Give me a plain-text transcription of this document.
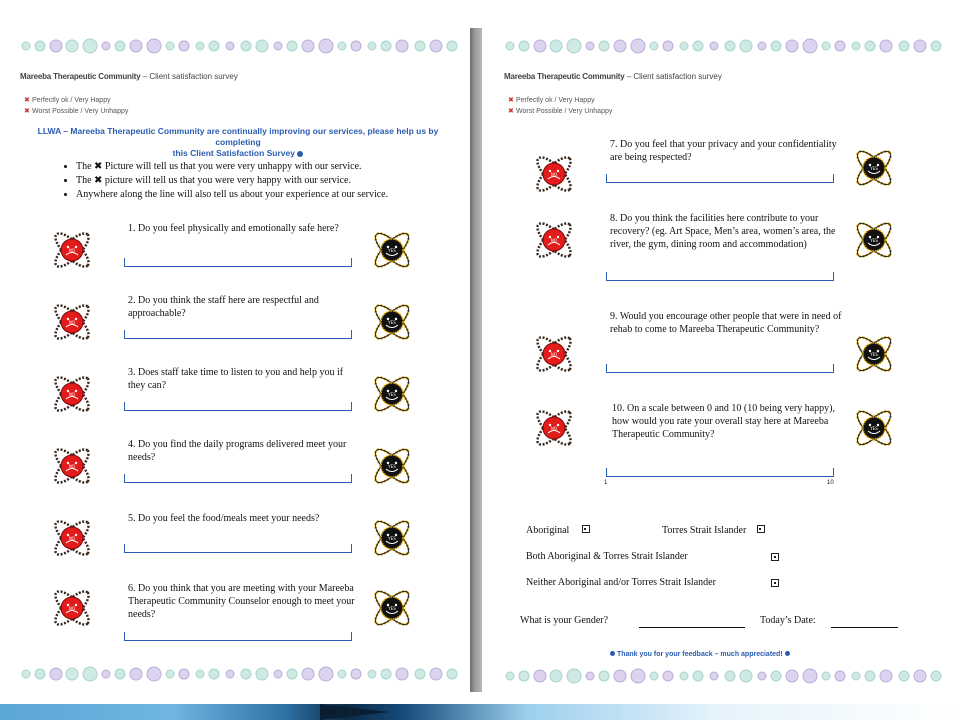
Mareeba Therapeutic Community – Client satisfaction survey
✖ Perfectly ok / Very Happy
✖ Worst Possible / Very Unhappy
LLWA – Mareeba Therapeutic Community are continually improving our services, please help us by completing
this Client Satisfaction Survey
• The ✖ Picture will tell us that you were very unhappy with our service.
• The ✖ picture will tell us that you were very happy with our service.
• Anywhere along the line will also tell us about your experience at our service.
1. Do you feel physically and emotionally safe here?
2. Do you think the staff here are respectful and approachable?
3. Does staff take time to listen to you and help you if they can?
4. Do you find the daily programs delivered meet your needs?
5. Do you feel the food/meals meet your needs?
6. Do you think that you are meeting with your Mareeba Therapeutic Community Counselor enough to meet your needs?
Mareeba Therapeutic Community – Client satisfaction survey
✖ Perfectly ok / Very Happy
✖ Worst Possible / Very Unhappy
7. Do you feel that your privacy and your confidentiality are being respected?
8. Do you think the facilities here contribute to your recovery? (eg. Art Space, Men’s area, women’s area, the river, the gym, dining room and accommodation)
9. Would you encourage other people that were in need of rehab to come to Mareeba Therapeutic Community?
10. On a scale between 0 and 10 (10 being very happy), how would you rate your overall stay here at Mareeba Therapeutic Community?
1	10
Aboriginal	Torres Strait Islander
Both Aboriginal & Torres Strait Islander
Neither Aboriginal and/or Torres Strait Islander
What is your Gender?	Today’s Date:
Thank you for your feedback – much appreciated!
